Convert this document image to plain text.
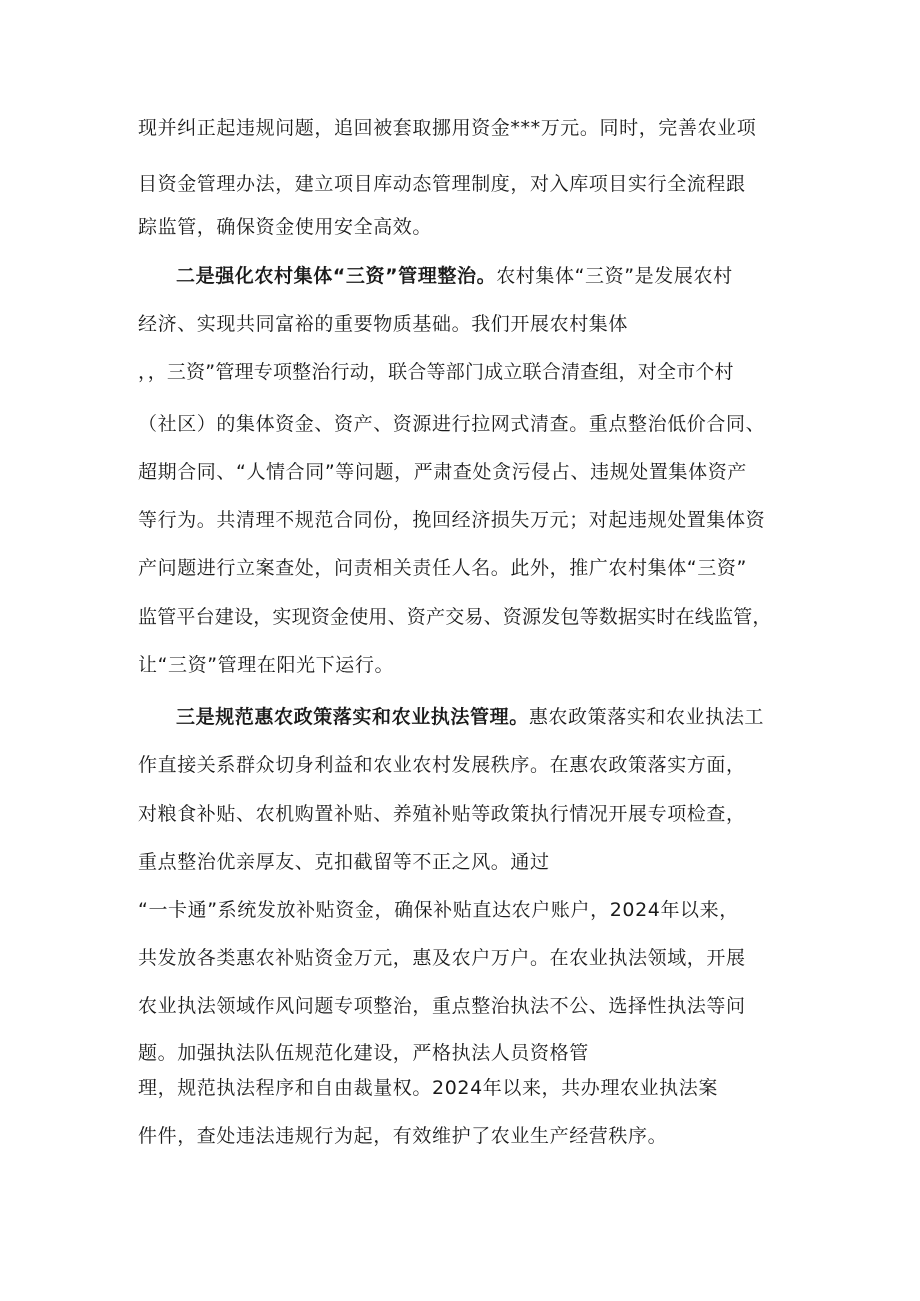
现并纠正起违规问题，追回被套取挪用资金***万元。同时，完善农业项
目资金管理办法，建立项目库动态管理制度，对入库项目实行全流程跟
踪监管，确保资金使用安全高效。
二是强化农村集体“三资”管理整治。农村集体“三资”是发展农村
经济、实现共同富裕的重要物质基础。我们开展农村集体
，，三资”管理专项整治行动，联合等部门成立联合清查组，对全市个村
（社区）的集体资金、资产、资源进行拉网式清查。重点整治低价合同、
超期合同、“人情合同”等问题，严肃查处贪污侵占、违规处置集体资产
等行为。共清理不规范合同份，挽回经济损失万元；对起违规处置集体资
产问题进行立案查处，问责相关责任人名。此外，推广农村集体“三资”
监管平台建设，实现资金使用、资产交易、资源发包等数据实时在线监管，
让“三资”管理在阳光下运行。
三是规范惠农政策落实和农业执法管理。惠农政策落实和农业执法工
作直接关系群众切身利益和农业农村发展秩序。在惠农政策落实方面，
对粮食补贴、农机购置补贴、养殖补贴等政策执行情况开展专项检查，
重点整治优亲厚友、克扣截留等不正之风。通过
“一卡通”系统发放补贴资金，确保补贴直达农户账户，2024年以来，
共发放各类惠农补贴资金万元，惠及农户万户。在农业执法领域，开展
农业执法领域作风问题专项整治，重点整治执法不公、选择性执法等问
题。加强执法队伍规范化建设，严格执法人员资格管
理，规范执法程序和自由裁量权。2024年以来，共办理农业执法案
件件，查处违法违规行为起，有效维护了农业生产经营秩序。
